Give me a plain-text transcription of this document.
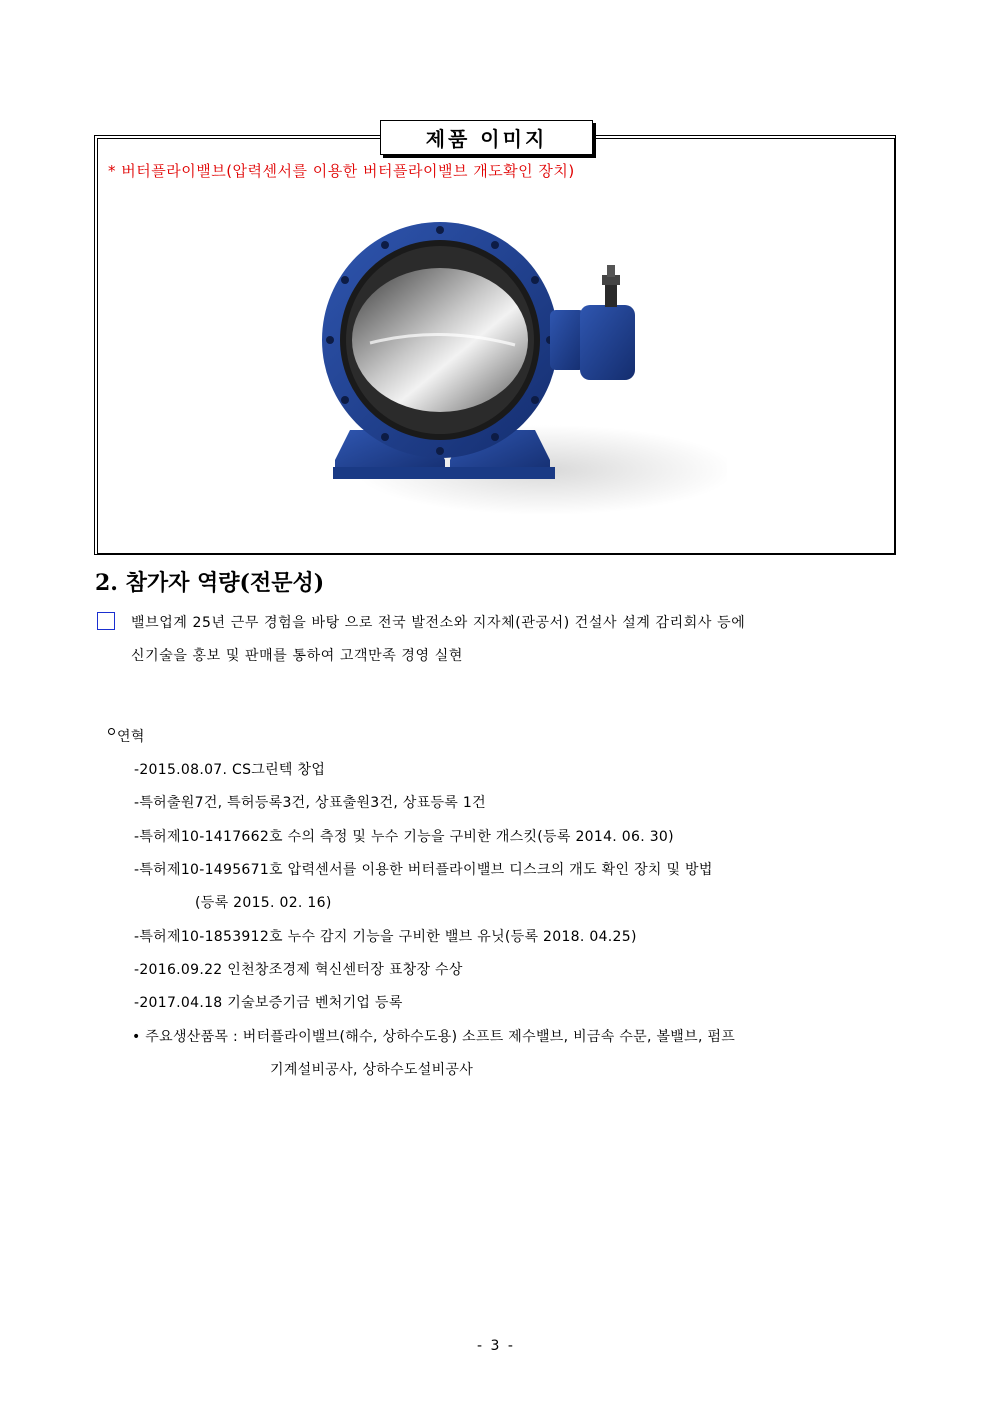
제품 이미지
* 버터플라이밸브(압력센서를 이용한 버터플라이밸브 개도확인 장치)
2. 참가자 역량(전문성)
밸브업계 25년 근무 경험을 바탕 으로 전국 발전소와 지자체(관공서) 건설사 설계 감리회사 등에
신기술을 홍보 및 판매를 통하여 고객만족 경영 실현
연혁
-2015.08.07. CS그린텍 창업
-특허출원7건, 특허등록3건, 상표출원3건, 상표등록 1건
-특허제10-1417662호 수의 측정 및 누수 기능을 구비한 개스킷(등록 2014. 06. 30)
-특허제10-1495671호 압력센서를 이용한 버터플라이밸브 디스크의 개도 확인 장치 및 방법
(등록 2015. 02. 16)
-특허제10-1853912호 누수 감지 기능을 구비한 밸브 유닛(등록 2018. 04.25)
-2016.09.22 인천창조경제 혁신센터장 표창장 수상
-2017.04.18 기술보증기금 벤처기업 등록
• 주요생산품목 : 버터플라이밸브(해수, 상하수도용) 소프트 제수밸브, 비금속 수문, 볼밸브, 펌프
기계설비공사, 상하수도설비공사
- 3 -
